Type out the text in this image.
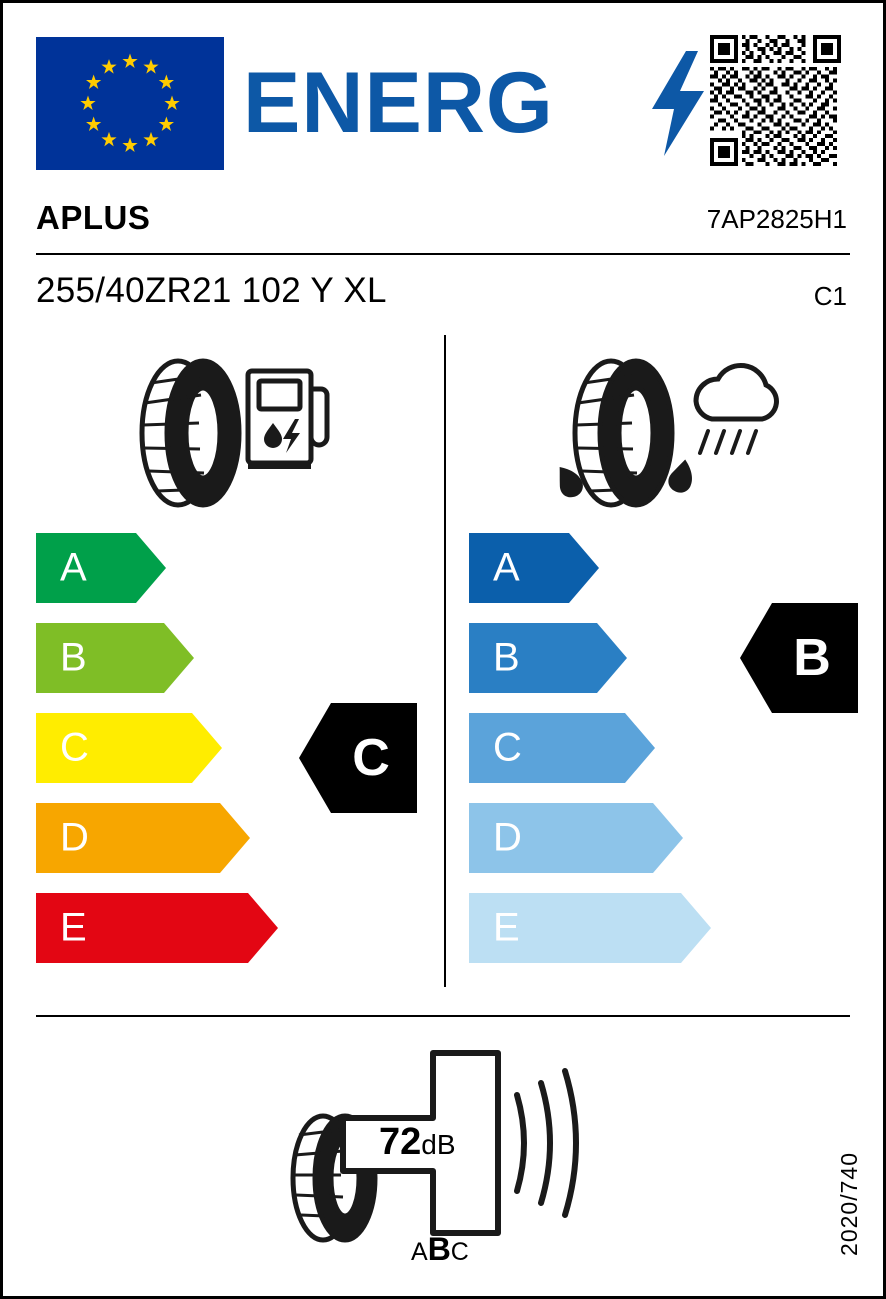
ENERG
APLUS	7AP2825H1
255/40ZR21 102 Y XL	C1
A
B
C
D
E
A
B
C
D
E
C
B
72dB
ABC	2020/740
